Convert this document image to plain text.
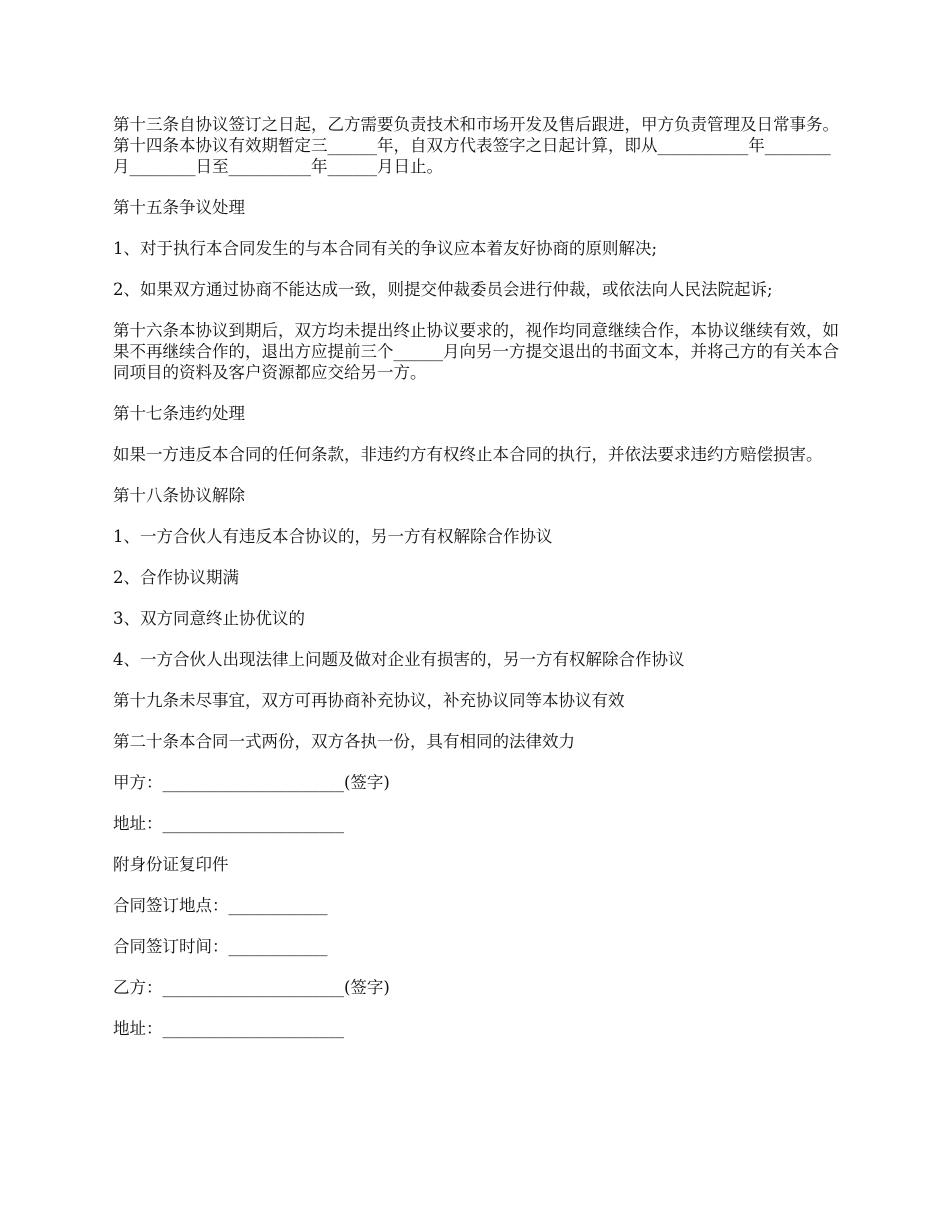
第十三条自协议签订之日起，乙方需要负责技术和市场开发及售后跟进，甲方负责管理及日常事务。第十四条本协议有效期暂定三______年，自双方代表签字之日起计算，即从___________年________月________日至__________年______月日止。

第十五条争议处理

1、对于执行本合同发生的与本合同有关的争议应本着友好协商的原则解决;

2、如果双方通过协商不能达成一致，则提交仲裁委员会进行仲裁，或依法向人民法院起诉;

第十六条本协议到期后，双方均未提出终止协议要求的，视作均同意继续合作，本协议继续有效，如果不再继续合作的，退出方应提前三个______月向另一方提交退出的书面文本，并将己方的有关本合同项目的资料及客户资源都应交给另一方。

第十七条违约处理

如果一方违反本合同的任何条款，非违约方有权终止本合同的执行，并依法要求违约方赔偿损害。

第十八条协议解除

1、一方合伙人有违反本合协议的，另一方有权解除合作协议

2、合作协议期满

3、双方同意终止协优议的

4、一方合伙人出现法律上问题及做对企业有损害的，另一方有权解除合作协议

第十九条未尽事宜，双方可再协商补充协议，补充协议同等本协议有效

第二十条本合同一式两份，双方各执一份，具有相同的法律效力

甲方：______________________(签字)

地址：______________________

附身份证复印件

合同签订地点：____________

合同签订时间：____________

乙方：______________________(签字)

地址：______________________
